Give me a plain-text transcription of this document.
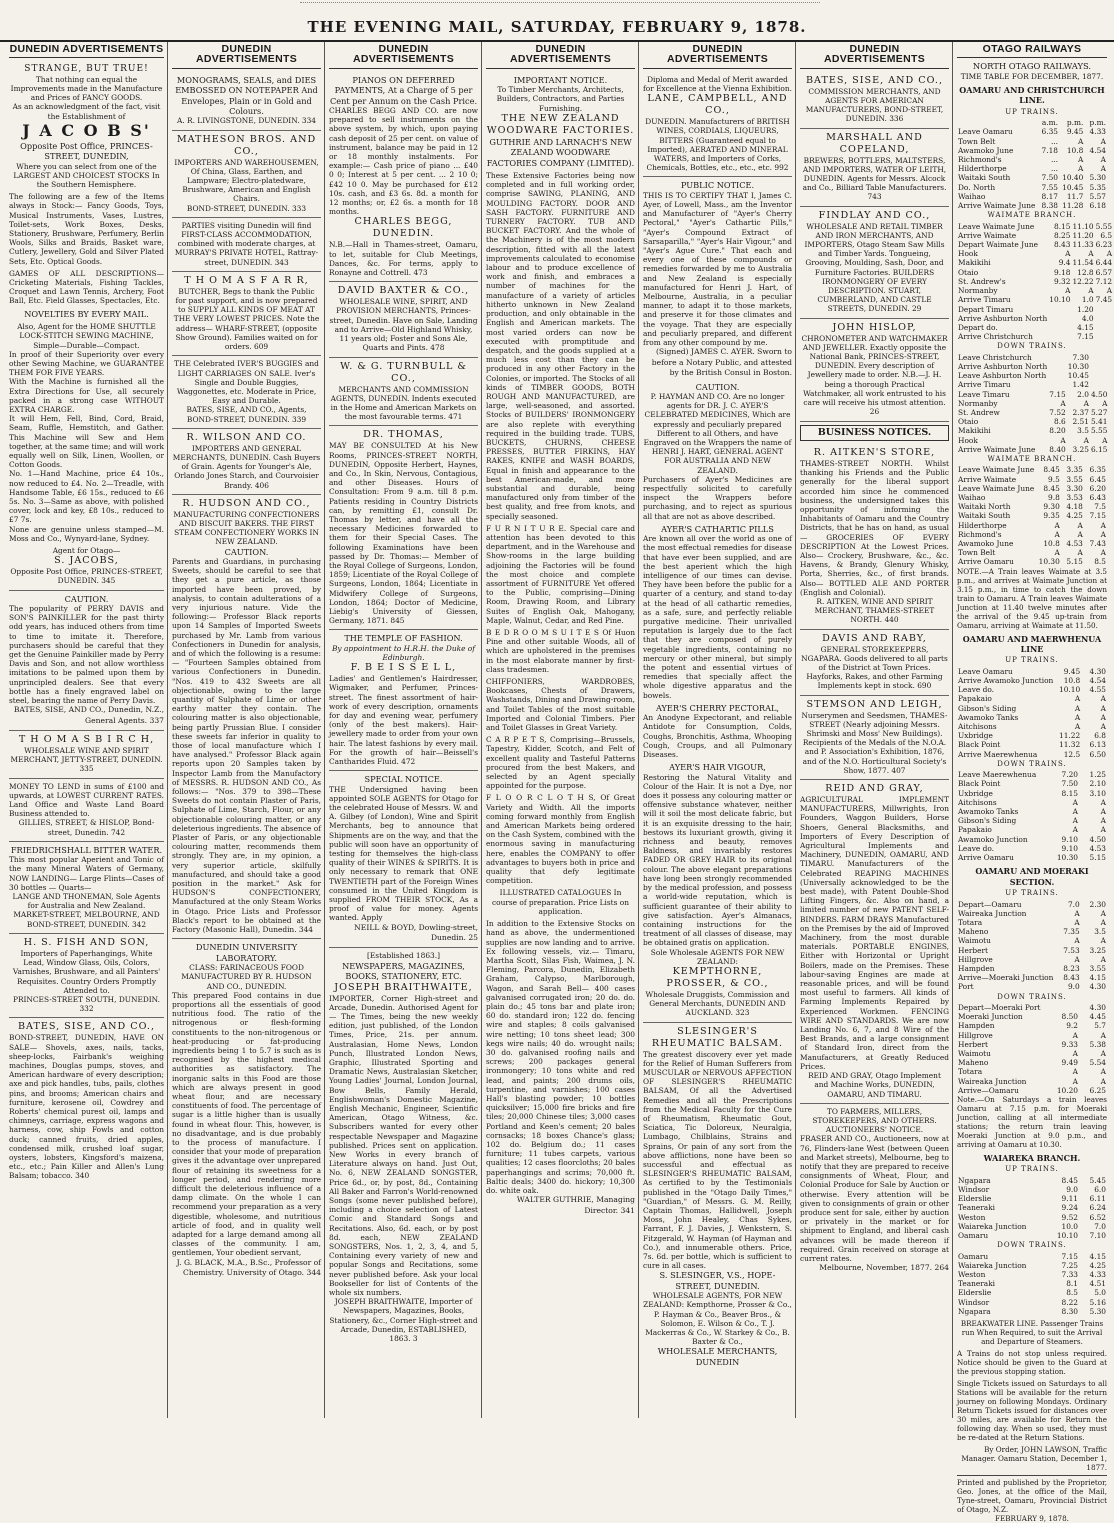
THE EVENING MAIL, SATURDAY, FEBRUARY 9, 1878.
DUNEDIN ADVERTISEMENTS
STRANGE, BUT TRUE!
That nothing can equal the Improvements made in the Manufacture and Prices of FANCY GOODS.
As an acknowledgment of the fact, visit the Establishment of
J A C O B S'
Opposite Post Office, PRINCES-STREET, DUNEDIN,
Where you can select from one of the LARGEST AND CHOICEST STOCKS In the Southern Hemisphere.
The following are a few of the Items always in Stock:— Fancy Goods, Toys, Musical Instruments, Vases, Lustres, Toilet-sets, Work Boxes, Desks, Stationery, Brushware, Perfumery, Berlin Wools, Silks and Braids, Basket ware, Cutlery, Jewellery, Gold and Silver Plated Sets, Etc. Optical Goods.
GAMES OF ALL DESCRIPTIONS— Cricketing Materials, Fishing Tackles, Croquet and Lawn Tennis, Archery, Foot Ball, Etc. Field Glasses, Spectacles, Etc.
NOVELTIES BY EVERY MAIL.
Also, Agent for the HOME SHUTTLE LOCK-STITCH SEWING MACHINE, Simple—Durable—Compact.
In proof of their Superiority over every other Sewing Machine, we GUARANTEE THEM FOR FIVE YEARS.
With the Machine is furnished all the Extra Directions for Use, all securely packed in a strong case WITHOUT EXTRA CHARGE.
It will Hem, Fell, Bind, Cord, Braid, Seam, Ruffle, Hemstitch, and Gather. This Machine will Sew and Hem together, at the same time; and will work equally well on Silk, Linen, Woollen, or Cotton Goods.
No. 1—Hand Machine, price £4 10s., now reduced to £4. No. 2—Treadle, with Handsome Table, £6 15s., reduced to £6 5s. No. 3—Same as above, with polished cover, lock and key, £8 10s., reduced to £7 7s.
None are genuine unless stamped—M. Moss and Co., Wynyard-lane, Sydney.
Agent for Otago—
S. JACOBS,
Opposite Post Office, PRINCES-STREET, DUNEDIN. 345
CAUTION.
The popularity of PERRY DAVIS and SON'S PAINKILLER for the past thirty odd years, has induced others from time to time to imitate it. Therefore, purchasers should be careful that they get the Genuine Painkiller made by Perry Davis and Son, and not allow worthless imitations to be palmed upon them by unprincipled dealers. See that every bottle has a finely engraved label on steel, bearing the name of Perry Davis.
BATES, SISE, AND CO., Dunedin, N.Z., General Agents. 337
T H O M A S B I R C H,
WHOLESALE WINE AND SPIRIT MERCHANT, JETTY-STREET, DUNEDIN. 335
MONEY TO LEND in sums of £100 and upwards, at LOWEST CURRENT RATES. Land Office and Waste Land Board Business attended to.
GILLIES, STREET, & HISLOP, Bond-street, Dunedin. 742
FRIEDRICHSHALL BITTER WATER.
This most popular Aperient and Tonic of the many Mineral Waters of Germany, NOW LANDING— Large Flints—Cases of 30 bottles — Quarts—
LANGE AND THONEMAN, Sole Agents for Australia and New Zealand. MARKET-STREET, MELBOURNE, AND BOND-STREET, DUNEDIN. 342
H. S. FISH AND SON,
Importers of Paperhangings, White Lead, Window Glass, Oils, Colors, Varnishes, Brushware, and all Painters' Requisites. Country Orders Promptly Attended to.
PRINCES-STREET SOUTH, DUNEDIN. 332
BATES, SISE, AND CO.,
BOND-STREET, DUNEDIN, HAVE ON SALE— Shovels, axes, nails, tacks, sheep-locks, Fairbank's weighing machines, Douglas pumps, stoves, and American hardware of every description; axe and pick handles, tubs, pails, clothes pins, and brooms; American chairs and furniture, kerosene oil, Cowdrey and Roberts' chemical purest oil, lamps and chimneys, carriage, express wagons and harness, cow, ship Fowls and cotton duck; canned fruits, dried apples, condensed milk, crushed loaf sugar, oysters, lobsters, Kingsford's maizena, etc., etc.; Pain Killer and Allen's Lung Balsam; tobacco. 340
DUNEDIN ADVERTISEMENTS
MONOGRAMS, SEALS, and DIES EMBOSSED ON NOTEPAPER And Envelopes, Plain or in Gold and Colours.
A. R. LIVINGSTONE, DUNEDIN. 334
MATHESON BROS. AND CO.,
IMPORTERS AND WAREHOUSEMEN, Of China, Glass, Earthen, and Lampware; Electro-platedware, Brushware, American and English Chairs.
BOND-STREET, DUNEDIN. 333
PARTIES visiting Dunedin will find FIRST-CLASS ACCOMMODATION, combined with moderate charges, at MURRAY'S PRIVATE HOTEL, Rattray-street, DUNEDIN. 343
T H O M A S F A R R,
BUTCHER, Begs to thank the Public for past support, and is now prepared to SUPPLY ALL KINDS OF MEAT AT THE VERY LOWEST PRICES. Note the address— WHARF-STREET, (opposite Show Ground). Families waited on for orders. 609
THE Celebrated IVER'S BUGGIES and LIGHT CARRIAGES ON SALE. Iver's Single and Double Buggies, Waggonettes, etc. Moderate in Price, Easy and Durable.
BATES, SISE, AND CO., Agents, BOND-STREET, DUNEDIN. 339
R. WILSON AND CO.
IMPORTERS AND GENERAL MERCHANTS, DUNEDIN. Cash Buyers of Grain. Agents for Younger's Ale, Orlando Jones Starch, and Courvoisier Brandy. 406
R. HUDSON AND CO.,
MANUFACTURING CONFECTIONERS AND BISCUIT BAKERS. THE FIRST STEAM CONFECTIONERY WORKS IN NEW ZEALAND.
CAUTION.
Parents and Guardians, in purchasing Sweets, should be careful to see that they get a pure article, as those imported have been proved, by analysis, to contain adulterations of a very injurious nature. Vide the following:— Professor Black reports upon 14 Samples of Imported Sweets purchased by Mr. Lamb from various Confectioners in Dunedin for analysis, and of which the following is a resume:— "Fourteen Samples obtained from various Confectioners in Dunedin. "Nos. 419 to 432 Sweets are all objectionable, owing to the large quantity of Sulphate of Lime or other earthy matter they contain. The colouring matter is also objectionable, being partly Prussian Blue. I consider these sweets far inferior in quality to those of local manufacture which I have analysed." Professor Black again reports upon 20 Samples taken by Inspector Lamb from the Manufactory of MESSRS. R. HUDSON AND CO., As follows:— "Nos. 379 to 398—These Sweets do not contain Plaster of Paris, Sulphate of Lime, Starch, Flour, or any objectionable colouring matter, or any deleterious ingredients. The absence of Plaster of Paris, or any objectionable colouring matter, recommends them strongly. They are, in my opinion, a very superior article, skilfully manufactured, and should take a good position in the market." Ask for HUDSON'S CONFECTIONERY, Manufactured at the only Steam Works in Otago. Price Lists and Professor Black's report to be obtained at the Factory (Masonic Hall), Dunedin. 344
DUNEDIN UNIVERSITY LABORATORY.
CLASS: FARINACEOUS FOOD MANUFACTURED BY R. HUDSON AND CO., DUNEDIN.
This prepared Food contains in due proportions all the essentials of good nutritious food. The ratio of the nitrogenous or flesh-forming constituents to the non-nitrogenous or heat-producing or fat-producing ingredients being 1 to 5.7 is such as is recognised by the highest medical authorities as satisfactory. The inorganic salts in this Food are those which are always present in good wheat flour, and are necessary constituents of food. The percentage of sugar is a little higher than is usually found in wheat flour. This, however, is no disadvantage, and is due probably to the process of manufacture. I consider that your mode of preparation gives it the advantage over unprepared flour of retaining its sweetness for a longer period, and rendering more difficult the deleterious influence of a damp climate. On the whole I can recommend your preparation as a very digestible, wholesome, and nutritious article of food, and in quality well adapted for a large demand among all classes of the community. I am, gentlemen, Your obedient servant,
J. G. BLACK, M.A., B.Sc., Professor of Chemistry. University of Otago. 344
DUNEDIN ADVERTISEMENTS
PIANOS ON DEFERRED PAYMENTS, At a Charge of 5 per Cent per Annum on the Cash Price.
CHARLES BEGG AND CO. are now prepared to sell instruments on the above system, by which, upon paying cash deposit of 25 per cent. on value of instrument, balance may be paid in 12 or 18 monthly instalments. For example:— Cash price of piano ... £40 0 0; Interest at 5 per cent. ... 2 10 0; £42 10 0. May be purchased for £12 10s. cash, and £3 6s. 8d. a month for 12 months; or, £2 6s. a month for 18 months.
CHARLES BEGG, DUNEDIN.
N.B.—Hall in Thames-street, Oamaru, to let, suitable for Club Meetings, Dances, &c. For terms, apply to Ronayne and Cottrell. 473
DAVID BAXTER & CO.,
WHOLESALE WINE, SPIRIT, AND PROVISION MERCHANTS, Princes-street, Dunedin. Have on Sale, Landing and to Arrive—Old Highland Whisky, 11 years old; Foster and Sons Ale, Quarts and Pints. 478
W. & G. TURNBULL & CO.,
MERCHANTS AND COMMISSION AGENTS, DUNEDIN. Indents executed in the Home and American Markets on the most favourable terms. 471
DR. THOMAS,
MAY BE CONSULTED At his New Rooms, PRINCES-STREET NORTH, DUNEDIN, Opposite Herbert, Haynes, and Co., In Skin, Nervous, Contagious, and other Diseases. Hours of Consultation: From 9 a.m. till 8 p.m. Patients residing in Country Districts can, by remitting £1, consult Dr. Thomas by letter, and have all the necessary Medicines forwarded to them for their Special Cases. The following Examinations have been passed by Dr. Thomas:— Member of the Royal College of Surgeons, London, 1859; Licentiate of the Royal College of Surgeons, London, 1864; Licentiate in Midwifery College of Surgeons, London, 1864; Doctor of Medicine, Liebig's University of Giessen, Germany, 1871. 845
THE TEMPLE OF FASHION.
By appointment to H.R.H. the Duke of Edinburgh.
F. B E I S S E L L,
Ladies' and Gentlemen's Hairdresser, Wigmaker, and Perfumer, Princes-street. The finest assortment of hair-work of every description, ornaments for day and evening wear, perfumery (only of the best makers). Hair-jewellery made to order from your own hair. The latest fashions by every mail. For the growth of hair—Beissell's Cantharides Fluid. 472
SPECIAL NOTICE.
THE Undersigned having been appointed SOLE AGENTS for Otago for the celebrated House of Messrs. W. and A. Gilbey (of London), Wine and Spirit Merchants, beg to announce that Shipments are on the way, and that the public will soon have an opportunity of testing for themselves the high-class quality of their WINES & SPIRITS. It is only necessary to remark that ONE TWENTIETH part of the Foreign Wines consumed in the United Kingdom is supplied FROM THEIR STOCK, As a proof of value for money. Agents wanted. Apply
NEILL & BOYD, Dowling-street, Dunedin. 25
[Established 1863.]
NEWSPAPERS, MAGAZINES, BOOKS, STATIONERY, ETC.
JOSEPH BRAITHWAITE,
IMPORTER, Corner High-street and Arcade, Dunedin. Authorised Agent for— The Times, being the new weekly edition, just published, of the London Times, Price, 21s. per annum. Australasian, Home News, London Punch, Illustrated London News, Graphic, Illustrated Sporting and Dramatic News, Australasian Sketcher, Young Ladies' Journal, London Journal, Bow Bells, Family Herald, Englishwoman's Domestic Magazine, English Mechanic, Engineer, Scientific American, Otago Witness, &c. Subscribers wanted for every other respectable Newspaper and Magazine published. Prices sent on application. New Works in every branch of Literature always on hand. Just Out, No. 6, NEW ZEALAND SONGSTER, Price 6d., or, by post, 8d., Containing All Baker and Farron's World-renowned Songs (some never published before), including a choice selection of Latest Comic and Standard Songs and Recitations. Also, 6d. each, or by post 8d. each, NEW ZEALAND SONGSTERS, Nos. 1, 2, 3, 4, and 5, Containing every variety of new and popular Songs and Recitations, some never published before. Ask your local Bookseller for list of Contents of the whole six numbers.
JOSEPH BRAITHWAITE, Importer of Newspapers, Magazines, Books, Stationery, &c., Corner High-street and Arcade, Dunedin, ESTABLISHED, 1863. 3
DUNEDIN ADVERTISEMENTS
IMPORTANT NOTICE.
To Timber Merchants, Architects, Builders, Contractors, and Parties Furnishing.
THE NEW ZEALAND WOODWARE FACTORIES.
GUTHRIE AND LARNACH'S NEW ZEALAND WOODWARE FACTORIES COMPANY (LIMITED).
These Extensive Factories being now completed and in full working order, comprise SAWING, PLANING, AND MOULDING FACTORY. DOOR AND SASH FACTORY. FURNITURE AND TURNERY FACTORY. TUB AND BUCKET FACTORY. And the whole of the Machinery is of the most modern description, fitted with all the latest improvements calculated to economise labour and to produce excellence of work and finish, and embraces a number of machines for the manufacture of a variety of articles hitherto unknown in New Zealand production, and only obtainable in the English and American markets. The most varied orders can now be executed with promptitude and despatch, and the goods supplied at a much less cost than they can be produced in any other Factory in the Colonies, or imported. The Stocks of all kinds of TIMBER GOODS, BOTH ROUGH AND MANUFACTURED, are large, well-seasoned, and assorted. Stocks of BUILDERS' IRONMONGERY are also replete with everything required in the building trade. TUBS, BUCKETS, CHURNS, CHEESE PRESSES, BUTTER FIRKINS, HAY RAKES, KNIFE and WASH BOARDS, Equal in finish and appearance to the best American-made, and more substantial and durable, being manufactured only from timber of the best quality, and free from knots, and specially seasoned.
F U R N I T U R E. Special care and attention has been devoted to this department, and in the Warehouse and Show-rooms in the large building adjoining the Factories will be found the most choice and complete assortment of FURNITURE Yet offered to the Public, comprising—Dining Room, Drawing Room, and Library Suites of English Oak, Mahogany, Maple, Walnut, Cedar, and Red Pine.
B E D R O O M S U I T E S Of Huon Pine and other suitable Woods, all of which are upholstered in the premises in the most elaborate manner by first-class tradesmen.
CHIFFONIERS, WARDROBES, Bookcases, Chests of Drawers, Washstands, Dining and Drawing-room, and Toilet Tables of the most suitable Imported and Colonial Timbers. Pier and Toilet Glasses in Great Variety.
C A R P E T S, Comprising—Brussels, Tapestry, Kidder, Scotch, and Felt of excellent quality and Tasteful Patterns procured from the best Makers, and selected by an Agent specially appointed for the purpose.
F L O O R C L O T H S, Of Great Variety and Width. All the imports coming forward monthly from English and American Markets being ordered on the Cash System, combined with the enormous saving in manufacturing here, enables the COMPANY to offer advantages to buyers both in price and quality that defy legitimate competition.
ILLUSTRATED CATALOGUES In course of preparation. Price Lists on application.
In addition to the Extensive Stocks on hand as above, the undermentioned supplies are now landing and to arrive. Ex following vessels, viz.— Timaru, Martha Scott, Silas Fish, Waimea, J. N. Fleming, Parcora, Dunedin, Elizabeth Graham, Calypso, Marlborough, Wagon, and Sarah Bell— 400 cases galvanised corrugated iron; 20 do. do. plain do.; 45 tons bar and plate iron; 60 do. standard iron; 122 do. fencing wire and staples; 8 coils galvanised wire netting; 10 tons sheet lead; 300 kegs wire nails; 40 do. wrought nails; 30 do. galvanised roofing nails and screws; 200 packages general ironmongery; 10 tons white and red lead, and paints; 200 drums oils, turpentine, and varnishes; 100 cases Hall's blasting powder; 10 bottles quicksilver; 15,000 fire bricks and fire tiles; 20,000 Chinese tiles; 3,000 cases Portland and Keen's cement; 20 bales cornsacks; 18 boxes Chance's glass; 102 do. Belgium do.; 11 cases furniture; 11 tubes carpets, various qualities; 12 cases floorcloths; 20 bales paperhangings and scrims; 70,000 ft. Baltic deals; 3400 do. hickory; 10,300 do. white oak.
WALTER GUTHRIE, Managing Director. 341
DUNEDIN ADVERTISEMENTS
Diploma and Medal of Merit awarded for Excellence at the Vienna Exhibition.
LANE, CAMPBELL, AND CO.,
DUNEDIN. Manufacturers of BRITISH WINES, CORDIALS, LIQUEURS, BITTERS (Guaranteed equal to Imported), AERATED AND MINERAL WATERS, and Importers of Corks, Chemicals, Bottles, etc., etc., etc. 992
PUBLIC NOTICE.
THIS IS TO CERTIFY THAT I, James C. Ayer, of Lowell, Mass., am the Inventor and Manufacturer of "Ayer's Cherry Pectoral," "Ayer's Cathartic Pills," "Ayer's Compound Extract of Sarsaparilla," "Ayer's Hair Vigour," and "Ayer's Ague Cure." That each and every one of these compounds or remedies forwarded by me to Australia and New Zealand is especially manufactured for Henri J. Hart, of Melbourne, Australia, in a peculiar manner, to adapt it to those markets, and preserve it for those climates and the voyage. That they are especially and peculiarly prepared, and different from any other compound by me.
(Signed) JAMES C. AYER. Sworn to before a Notary Public, and attested by the British Consul in Boston.
CAUTION.
P. HAYMAN AND CO. Are no longer agents for DR. J. C. AYER'S CELEBRATED MEDICINES, Which are expressly and peculiarly prepared Different to all Others, and have Engraved on the Wrappers the name of HENRI J. HART, GENERAL AGENT FOR AUSTRALIA AND NEW ZEALAND.
Purchasers of Ayer's Medicines are respectfully solicited to carefully inspect the Wrappers before purchasing, and to reject as spurious all that are not as above described.
AYER'S CATHARTIC PILLS
Are known all over the world as one of the most effectual remedies for disease that have ever been supplied, and are the best aperient which the high intelligence of our times can devise. They have been before the public for a quarter of a century, and stand to-day at the head of all cathartic remedies, as a safe, sure, and perfectly reliable purgative medicine. Their unrivalled reputation is largely due to the fact that they are composed of purely vegetable ingredients, containing no mercury or other mineral, but simply the potent and essential virtues of remedies that specially affect the whole digestive apparatus and the bowels.
AYER'S CHERRY PECTORAL,
An Anodyne Expectorant, and reliable Antidote for Consumption, Colds, Coughs, Bronchitis, Asthma, Whooping Cough, Croups, and all Pulmonary Diseases.
AYER'S HAIR VIGOUR,
Restoring the Natural Vitality and Colour of the Hair. It is not a Dye, nor does it possess any colouring matter or offensive substance whatever, neither will it soil the most delicate fabric, but it is an exquisite dressing to the hair, bestows its luxuriant growth, giving it richness and beauty, removes Baldness, and invariably restores FADED OR GREY HAIR to its original colour. The above elegant preparations have long been strongly recommended by the medical profession, and possess a world-wide reputation, which is sufficient guarantee of their ability to give satisfaction. Ayer's Almanacs, containing instructions for the treatment of all classes of disease, may be obtained gratis on application.
Sole Wholesale AGENTS FOR NEW ZEALAND:
KEMPTHORNE, PROSSER, & CO.,
Wholesale Druggists, Commission and General Merchants, DUNEDIN AND AUCKLAND. 323
SLESINGER'S RHEUMATIC BALSAM.
The greatest discovery ever yet made for the Relief of Human Sufferers from MUSCULAR or NERVOUS AFFECTION OF SLESINGER'S RHEUMATIC BALSAM, Of all the Advertised Remedies and all the Prescriptions from the Medical Faculty for the Cure of Rheumatism, Rheumatic Gout, Sciatica, Tic Doloreux, Neuralgia, Lumbago, Chilblains, Strains and Sprains, Or pain of any sort from the above afflictions, none have been so successful and effectual as SLESINGER'S RHEUMATIC BALSAM, As certified to by the Testimonials published in the "Otago Daily Times," "Guardian," of Messrs. G. M. Reilly, Captain Thomas, Hallidwell, Joseph Moss, John Healey, Chas Sykes, Farrant, F. J. Davies, J. Wenkstern, S. Fitzgerald, W. Hayman (of Hayman and Co.), and innumerable others. Price, 7s. 6d. per bottle, which is sufficient to cure in all cases.
S. SLESINGER, V.S., HOPE-STREET, DUNEDIN.
WHOLESALE AGENTS, FOR NEW ZEALAND: Kempthorne, Prosser & Co., P. Hayman & Co., Beaver Bros., & Solomon, E. Wilson & Co., T. J. Mackerras & Co., W. Starkey & Co., B. Baxter & Co.,
WHOLESALE MERCHANTS, DUNEDIN
DUNEDIN ADVERTISEMENTS
BATES, SISE, AND CO.,
COMMISSION MERCHANTS, AND AGENTS FOR AMERICAN MANUFACTURERS, BOND-STREET, DUNEDIN. 336
MARSHALL AND COPELAND,
BREWERS, BOTTLERS, MALTSTERS, AND IMPORTERS, WATER OF LEITH, DUNEDIN. Agents for Messrs. Alcock and Co., Billiard Table Manufacturers. 743
FINDLAY AND CO.,
WHOLESALE AND RETAIL TIMBER AND IRON MERCHANTS, AND IMPORTERS, Otago Steam Saw Mills and Timber Yards. Tongueing, Grooving, Moulding, Sash, Door, and Furniture Factories. BUILDERS IRONMONGERY OF EVERY DESCRIPTION. STUART, CUMBERLAND, AND CASTLE STREETS, DUNEDIN. 29
JOHN HISLOP,
CHRONOMETER AND WATCHMAKER AND JEWELLER. Exactly opposite the National Bank, PRINCES-STREET, DUNEDIN. Every description of Jewellery made to order. N.B.—J. H. being a thorough Practical Watchmaker, all work entrusted to his care will receive his utmost attention. 26
BUSINESS NOTICES.
R. AITKEN'S STORE,
THAMES-STREET NORTH. Whilst thanking his Friends and the Public generally for the liberal support accorded him since he commenced business, the undersigned takes this opportunity of informing the Inhabitants of Oamaru and the Country Districts, that he has on hand, as usual— GROCERIES OF EVERY DESCRIPTION At the Lowest Prices. Also— Crockery, Brushware, &c., &c. Havens, & Brandy, Glenury Whisky, Porta, Sherries, &c., of first brands. Also— BOTTLED ALE AND PORTER (English and Colonial).
R. AITKEN, WINE AND SPIRIT MERCHANT, THAMES-STREET NORTH. 440
DAVIS AND RABY,
GENERAL STOREKEEPERS, NGAPARA. Goods delivered to all parts of the District at Town Prices. Hayforks, Rakes, and other Farming Implements kept in stock. 690
STEMSON AND LEIGH,
Nurserymen and Seedsmen, THAMES-STREET (Nearly adjoining Messrs. Shrimski and Moss' New Buildings). Recipients of the Medals of the N.O.A. and P. Association's Exhibition, 1876, and of the N.O. Horticultural Society's Show, 1877. 407
REID AND GRAY,
AGRICULTURAL IMPLEMENT MANUFACTURERS, Millwrights, Iron Founders, Waggon Builders, Horse Shoers, General Blacksmiths, and Importers of Every Description of Agricultural Implements and Machinery, DUNEDIN, OAMARU, AND TIMARU. Manufacturers of the Celebrated REAPING MACHINES (Universally acknowledged to be the best made), with Patent Double-Shod Lifting Fingers, &c. Also on hand, a limited number of new PATENT SELF-BINDERS. FARM DRAYS Manufactured on the Premises by the aid of Improved Machinery, from the most durable materials. PORTABLE ENGINES, Either with Horizontal or Upright Boilers, made on the Premises. These labour-saving Engines are made at reasonable prices, and will be found most useful to farmers. All kinds of Farming Implements Repaired by Experienced Workmen. FENCING WIRE AND STANDARDS. We are now Landing No. 6, 7, and 8 Wire of the Best Brands, and a large consignment of Standard Iron, direct from the Manufacturers, at Greatly Reduced Prices.
REID AND GRAY, Otago Implement and Machine Works, DUNEDIN, OAMARU, AND TIMARU.
TO FARMERS, MILLERS, STOREKEEPERS, AND OTHERS. AUCTIONEERS' NOTICE.
FRASER AND CO., Auctioneers, now at 76, Flinders-lane West (between Queen and Market streets), Melbourne, beg to notify that they are prepared to receive consignments of Wheat, Flour, and Colonial Produce for Sale by Auction or otherwise. Every attention will be given to consignments of grain or other produce sent for sale, either by auction or privately in the market or for shipment to England, and liberal cash advances will be made thereon if required. Grain received on storage at current rates.
Melbourne, November, 1877. 264
OTAGO RAILWAYS
NORTH OTAGO RAILWAYS.
TIME TABLE FOR DECEMBER, 1877.
OAMARU AND CHRISTCHURCH LINE.
UP TRAINS.
	a.m.	p.m.	p.m.
Leave Oamaru	6.35	9.45	4.33
Town Belt	...	A	A
Awamoko June	7.18	10.8	4.54
Richmond's	...	A	A
Hilderthorpe	...	A	A
Waitaki South	7.50	10.40	5.30
Do. North	7.55	10.45	5.35
Waihao	8.17	11.7	5.57
Arrive Waimate June	8.38	11.28	6.18
WAIMATE BRANCH.
Leave Waimate June	8.15	11.10	5.55
Arrive Waimate	8.25	11.20	6.5
Depart Waimate June	8.43	11.33	6.23
Hook	A	A	A
Makikihi	9.4	11.54	6.44
Otaio	9.18	12.8	6.57
St. Andrew's	9.32	12.22	7.12
Normanby	A	A	A
Arrive Timaru	10.10	1.0	7.45
Depart Timaru		1.20	
Arrive Ashburton North		4.0	
Depart do.		4.15	
Arrive Christchurch		7.15	
DOWN TRAINS.
Leave Christchurch		7.30	
Arrive Ashburton North		10.30	
Leave Ashburton North		10.45	
Arrive Timaru		1.42	
Leave Timaru	7.15	2.0	4.50
Normanby	A	A	A
St. Andrew	7.52	2.37	5.27
Otaio	8.6	2.51	5.41
Makikihi	8.20	3.5	5.55
Hook	A	A	A
Arrive Waimate June	8.40	3.25	6.15
WAIMATE BRANCH.
Leave Waimate June	8.45	3.35	6.35
Arrive Waimate	9.5	3.55	6.45
Leave Waimate June	8.45	3.30	6.20
Waihao	9.8	3.53	6.43
Waitaki North	9.30	4.18	7.5
Waitaki South	9.35	4.25	7.15
Hilderthorpe	A	A	A
Richmond's	A	A	A
Awamoko June	10.8	4.53	7.43
Town Belt	A	A	A
Arrive Oamaru	10.30	5.15	8.5
NOTE.—A Train leaves Waimate at 3.5 p.m., and arrives at Waimate Junction at 3.15 p.m., in time to catch the down train to Oamaru. A Train leaves Waimate Junction at 11.40 twelve minutes after the arrival of the 9.45 up-train from Oamaru, arriving at Waimate at 11.50.
OAMARU AND MAERWHENUA LINE
UP TRAINS.
Leave Oamaru	9.45	4.30
Arrive Awamoko Junction	10.8	4.54
Leave do.	10.10	4.55
Papakaio	A	A
Gibson's Siding	A	A
Awamoko Tanks	A	A
Aitchisons	A	A
Uxbridge	11.22	6.8
Black Point	11.32	6.13
Arrive Maerewhenua	12.5	6.50
DOWN TRAINS.
Leave Maerewhenua	7.20	1.25
Black Point	7.50	2.10
Uxbridge	8.15	3.10
Aitchisons	A	A
Awamoko Tanks	A	A
Gibson's Siding	A	A
Papakaio	A	A
Awamoko Junction	9.10	4.50
Leave do.	9.10	4.53
Arrive Oamaru	10.30	5.15
OAMARU AND MOERAKI SECTION.
UP TRAINS.
Depart—Oamaru	7.0	2.30
Waireaka Junction	A	A
Totara	A	A
Maheno	7.35	3.5
Waimotu	A	A
Herbert	7.53	3.25
Hillgrove	A	A
Hampden	8.23	3.55
Arrive—Moeraki Junction	8.43	4.15
Port	9.0	4.30
DOWN TRAINS.
Depart—Moeraki Port		4.30
Moeraki Junction	8.50	4.45
Hampden	9.2	5.7
Hillgrove	A	A
Herbert	9.33	5.38
Waimotu	A	A
Maheno	9.49	5.54
Totara	A	A
Waireaka Junction	A	A
Arrive—Oamaru	10.20	6.25
Note.—On Saturdays a train leaves Oamaru at 7.15 p.m. for Moeraki Junction, calling at all intermediate stations; the return train leaving Moeraki Junction at 9.0 p.m., and arriving at Oamaru at 10.30.
WAIAREKA BRANCH.
UP TRAINS.
Ngapara	8.45	5.45
Windsor	9.0	6.0
Elderslie	9.11	6.11
Teaneraki	9.24	6.24
Weston	9.52	6.52
Waiareka Junction	10.0	7.0
Oamaru	10.10	7.10
DOWN TRAINS.
Oamaru	7.15	4.15
Waiareka Junction	7.25	4.25
Weston	7.33	4.33
Teaneraki	8.1	4.51
Elderslie	8.5	5.0
Windsor	8.22	5.16
Ngapara	8.30	5.30
BREAKWATER LINE. Passenger Trains run When Required, to suit the Arrival and Departure of Steamers.
A Trains do not stop unless required. Notice should be given to the Guard at the previous stopping station.
Single Tickets issued on Saturdays to all Stations will be available for the return journey on following Mondays. Ordinary Return Tickets issued for distances over 30 miles, are available for Return the following day. When so used, they must be re-dated at the Return Stations.
By Order, JOHN LAWSON, Traffic Manager. Oamaru Station, December 1, 1877.
Printed and published by the Proprietor, Geo. Jones, at the office of the Mail, Tyne-street, Oamaru, Provincial District of Otago, N.Z.
FEBRUARY 9, 1878.
